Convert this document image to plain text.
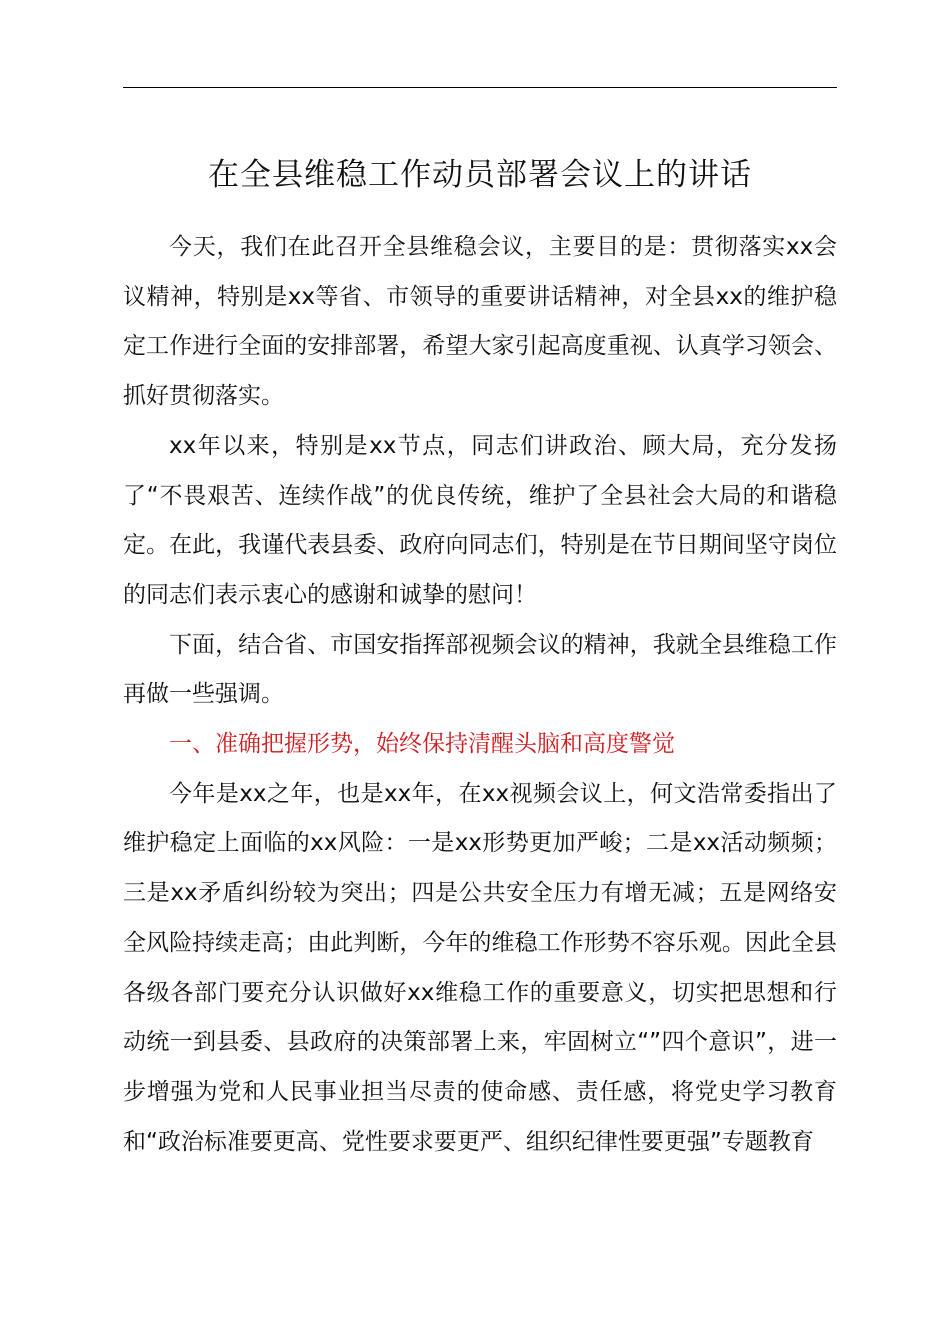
在全县维稳工作动员部署会议上的讲话

今天，我们在此召开全县维稳会议，主要目的是：贯彻落实xx会议精神，特别是xx等省、市领导的重要讲话精神，对全县xx的维护稳定工作进行全面的安排部署，希望大家引起高度重视、认真学习领会、抓好贯彻落实。

xx年以来，特别是xx节点，同志们讲政治、顾大局，充分发扬了“不畏艰苦、连续作战”的优良传统，维护了全县社会大局的和谐稳定。在此，我谨代表县委、政府向同志们，特别是在节日期间坚守岗位的同志们表示衷心的感谢和诚挚的慰问！

下面，结合省、市国安指挥部视频会议的精神，我就全县维稳工作再做一些强调。

一、准确把握形势，始终保持清醒头脑和高度警觉

今年是xx之年，也是xx年，在xx视频会议上，何文浩常委指出了维护稳定上面临的xx风险：一是xx形势更加严峻；二是xx活动频频；三是xx矛盾纠纷较为突出；四是公共安全压力有增无减；五是网络安全风险持续走高；由此判断，今年的维稳工作形势不容乐观。因此全县各级各部门要充分认识做好xx维稳工作的重要意义，切实把思想和行动统一到县委、县政府的决策部署上来，牢固树立“”四个意识”，进一步增强为党和人民事业担当尽责的使命感、责任感，将党史学习教育和“政治标准要更高、党性要求要更严、组织纪律性要更强”专题教育
